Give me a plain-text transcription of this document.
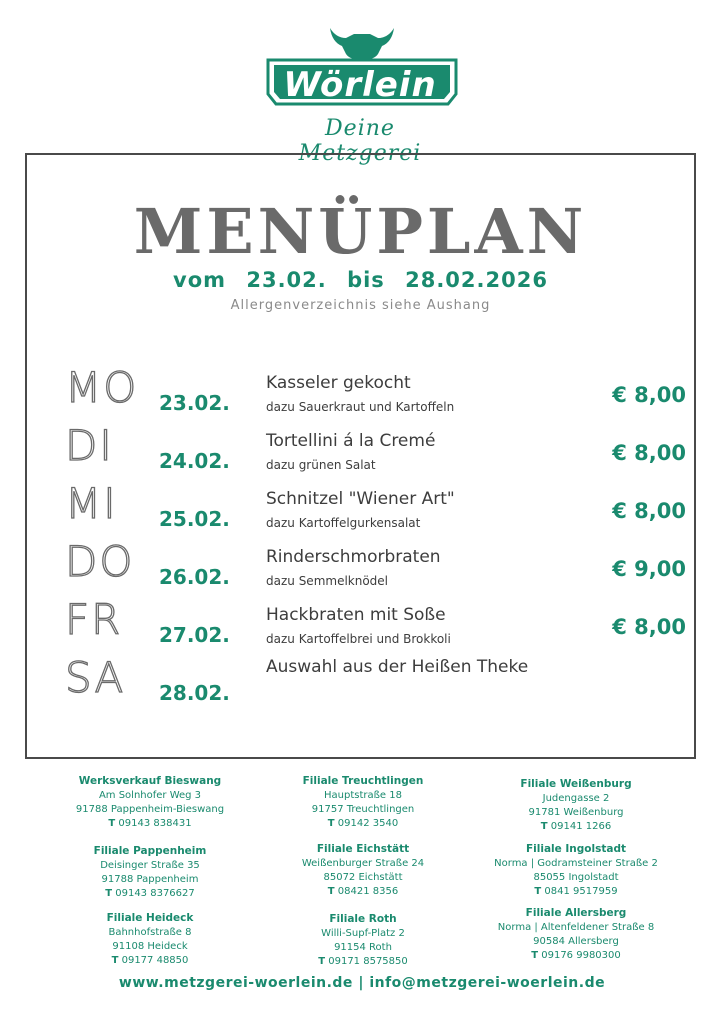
Wörlein
Deine Metzgerei
MENÜPLAN
vom 23.02. bis 28.02.2026
Allergenverzeichnis siehe Aushang
MO 23.02.
Kasseler gekocht
dazu Sauerkraut und Kartoffeln	€ 8,00
DI 24.02.
Tortellini á la Cremé
dazu grünen Salat	€ 8,00
MI 25.02.
Schnitzel "Wiener Art"
dazu Kartoffelgurkensalat	€ 8,00
DO 26.02.
Rinderschmorbraten
dazu Semmelknödel	€ 9,00
FR 27.02.
Hackbraten mit Soße
dazu Kartoffelbrei und Brokkoli	€ 8,00
SA 28.02.
Auswahl aus der Heißen Theke
Werksverkauf Bieswang
Am Solnhofer Weg 3
91788 Pappenheim-Bieswang
T 09143 838431
Filiale Treuchtlingen
Hauptstraße 18
91757 Treuchtlingen
T 09142 3540
Filiale Weißenburg
Judengasse 2
91781 Weißenburg
T 09141 1266
Filiale Pappenheim
Deisinger Straße 35
91788 Pappenheim
T 09143 8376627
Filiale Eichstätt
Weißenburger Straße 24
85072 Eichstätt
T 08421 8356
Filiale Ingolstadt
Norma | Godramsteiner Straße 2
85055 Ingolstadt
T 0841 9517959
Filiale Heideck
Bahnhofstraße 8
91108 Heideck
T 09177 48850
Filiale Roth
Willi-Supf-Platz 2
91154 Roth
T 09171 8575850
Filiale Allersberg
Norma | Altenfeldener Straße 8
90584 Allersberg
T 09176 9980300
www.metzgerei-woerlein.de | info@metzgerei-woerlein.de
